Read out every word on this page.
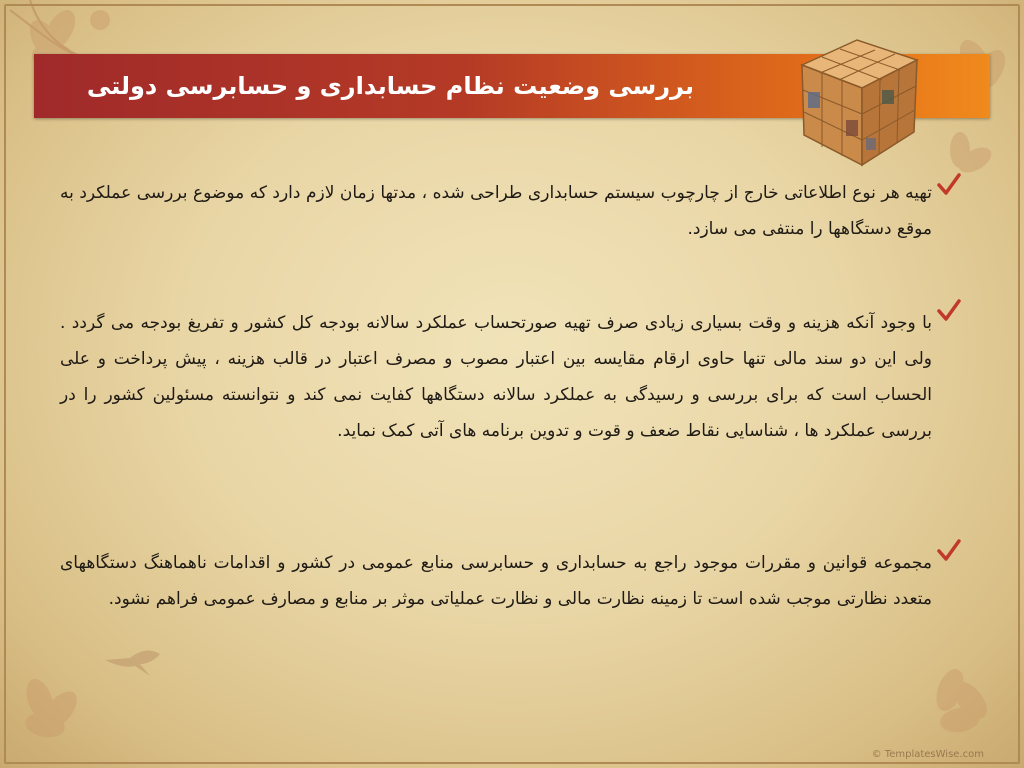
بررسی وضعیت نظام حسابداری و حسابرسی دولتی
تهیه هر نوع اطلاعاتی خارج از چارچوب سیستم حسابداری طراحی شده ، مدتها زمان لازم دارد که موضوع بررسی عملکرد به موقع دستگاهها را منتفی می سازد.
با وجود آنکه هزینه و وقت بسیاری زیادی صرف تهیه صورتحساب عملکرد سالانه بودجه کل کشور و تفریغ بودجه می گردد . ولی این دو سند مالی تنها حاوی ارقام مقایسه بین اعتبار مصوب و مصرف اعتبار در قالب هزینه ، پیش پرداخت و علی الحساب است که برای بررسی و رسیدگی به عملکرد سالانه دستگاهها کفایت نمی کند و نتوانسته مسئولین کشور را در بررسی عملکرد ها ، شناسایی نقاط ضعف و قوت و تدوین برنامه های آتی کمک نماید.
مجموعه قوانین و مقررات موجود راجع به حسابداری و حسابرسی منابع عمومی در کشور و اقدامات ناهماهنگ دستگاههای متعدد نظارتی موجب شده است تا زمینه نظارت مالی و نظارت عملیاتی موثر بر منابع و مصارف عمومی فراهم نشود.
© TemplatesWise.com
